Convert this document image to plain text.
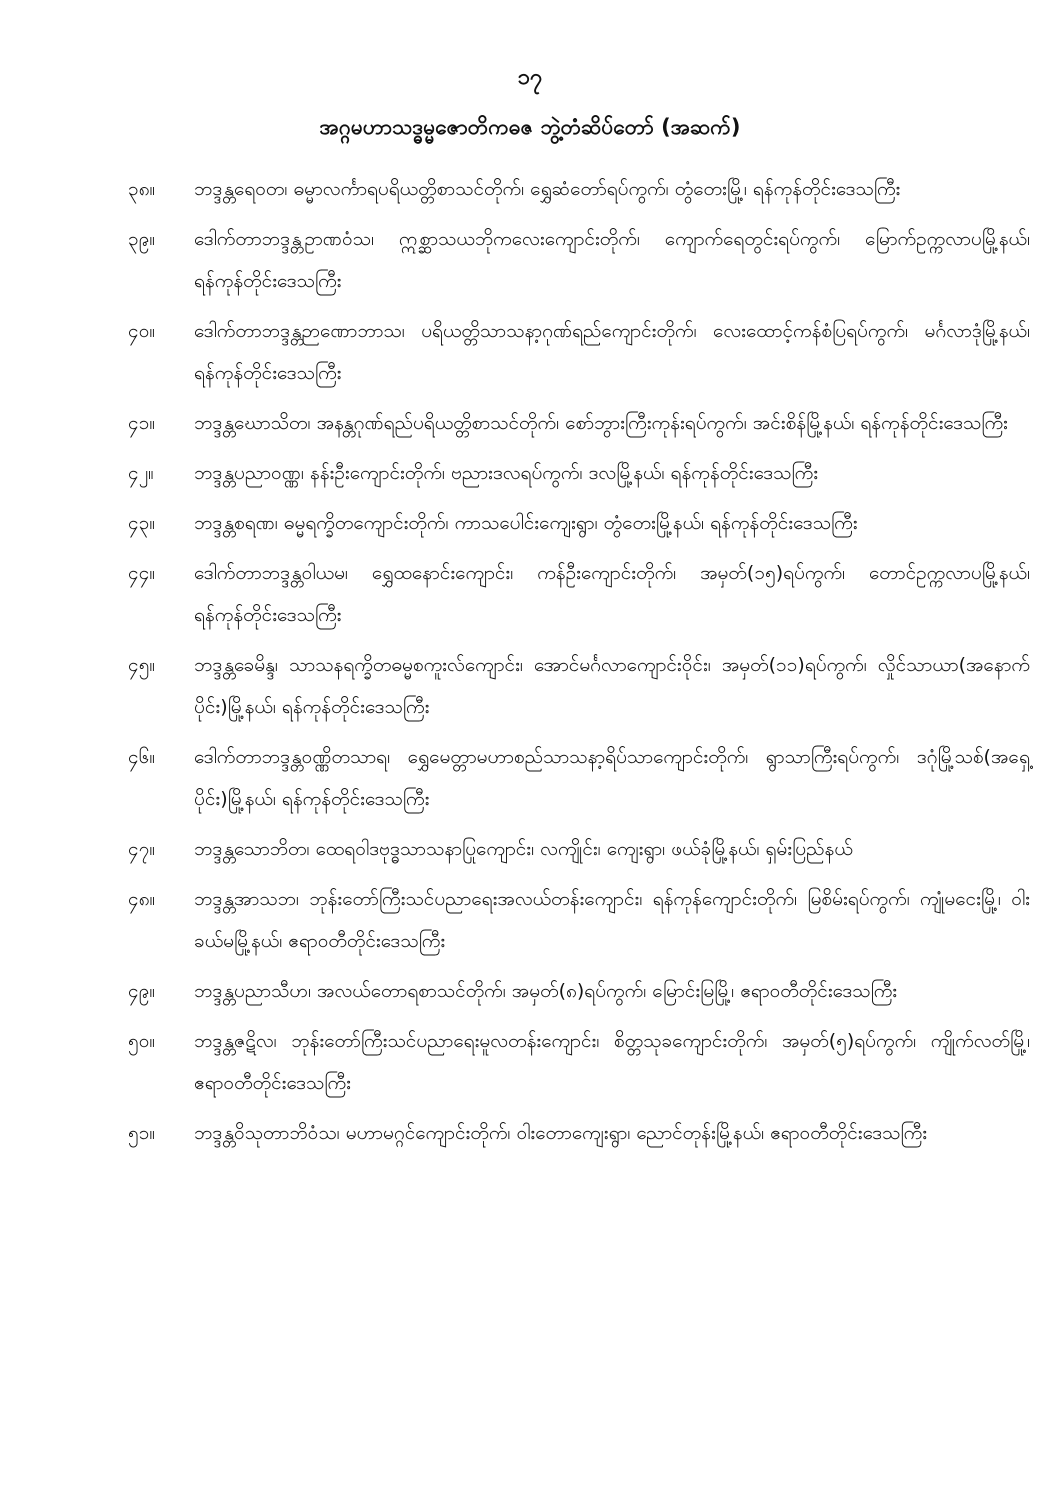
၁၇
အဂ္ဂမဟာသဒ္ဓမ္မဇောတိကဓဇ ဘွဲ့တံဆိပ်တော် (အဆက်)
၃၈။	ဘဒ္ဒန္တရေဝတ၊ ဓမ္မာလင်္ကာရပရိယတ္တိစာသင်တိုက်၊ ရွှေဆံတော်ရပ်ကွက်၊ တွံတေးမြို့၊ ရန်ကုန်တိုင်းဒေသကြီး
၃၉။	ဒေါက်တာဘဒ္ဒန္တဥာဏဝံသ၊ ဣစ္ဆာသယဘိုကလေးကျောင်းတိုက်၊ ကျောက်ရေတွင်းရပ်ကွက်၊ မြောက်ဥက္ကလာပမြို့နယ်၊ ရန်ကုန်တိုင်းဒေသကြီး
၄၀။	ဒေါက်တာဘဒ္ဒန္တဉာဏောဘာသ၊ ပရိယတ္တိသာသနာ့ဂုဏ်ရည်ကျောင်းတိုက်၊ လေးထောင့်ကန်စံပြရပ်ကွက်၊ မင်္ဂလာဒုံမြို့နယ်၊ ရန်ကုန်တိုင်းဒေသကြီး
၄၁။	ဘဒ္ဒန္တဃောသိတ၊ အနန္တဂုဏ်ရည်ပရိယတ္တိစာသင်တိုက်၊ စော်ဘွားကြီးကုန်းရပ်ကွက်၊ အင်းစိန်မြို့နယ်၊ ရန်ကုန်တိုင်းဒေသကြီး
၄၂။	ဘဒ္ဒန္တပညာဝဏ္ဏ၊ နန်းဦးကျောင်းတိုက်၊ ဗညားဒလရပ်ကွက်၊ ဒလမြို့နယ်၊ ရန်ကုန်တိုင်းဒေသကြီး
၄၃။	ဘဒ္ဒန္တစရဏ၊ ဓမ္မရက္ခိတကျောင်းတိုက်၊ ကာသပေါင်းကျေးရွာ၊ တွံတေးမြို့နယ်၊ ရန်ကုန်တိုင်းဒေသကြီး
၄၄။	ဒေါက်တာဘဒ္ဒန္တဝါယမ၊ ရွှေထနောင်းကျောင်း၊ ကန်ဦးကျောင်းတိုက်၊ အမှတ်(၁၅)ရပ်ကွက်၊ တောင်ဥက္ကလာပမြို့နယ်၊ ရန်ကုန်တိုင်းဒေသကြီး
၄၅။	ဘဒ္ဒန္တခေမိန္ဒ၊ သာသနရက္ခိတဓမ္မစကူးလ်ကျောင်း၊ အောင်မင်္ဂလာကျောင်းဝိုင်း၊ အမှတ်(၁၁)ရပ်ကွက်၊ လှိုင်သာယာ(အနောက်ပိုင်း)မြို့နယ်၊ ရန်ကုန်တိုင်းဒေသကြီး
၄၆။	ဒေါက်တာဘဒ္ဒန္တဝဏ္ဏိတသာရ၊ ရွှေမေတ္တာမဟာစည်သာသနာ့ရိပ်သာကျောင်းတိုက်၊ ရွာသာကြီးရပ်ကွက်၊ ဒဂုံမြို့သစ်(အရှေ့ပိုင်း)မြို့နယ်၊ ရန်ကုန်တိုင်းဒေသကြီး
၄၇။	ဘဒ္ဒန္တသောဘိတ၊ ထေရဝါဒဗုဒ္ဓသာသနာပြုကျောင်း၊ လကျိုင်း၊ ကျေးရွာ၊ ဖယ်ခုံမြို့နယ်၊ ရှမ်းပြည်နယ်
၄၈။	ဘဒ္ဒန္တအာသဘ၊ ဘုန်းတော်ကြီးသင်ပညာရေးအလယ်တန်းကျောင်း၊ ရန်ကုန်ကျောင်းတိုက်၊ မြစိမ်းရပ်ကွက်၊ ကျုံမငေးမြို့၊ ဝါးခယ်မမြို့နယ်၊ ဧရာဝတီတိုင်းဒေသကြီး
၄၉။	ဘဒ္ဒန္တပညာသီဟ၊ အလယ်တောရစာသင်တိုက်၊ အမှတ်(၈)ရပ်ကွက်၊ မြောင်းမြမြို့၊ ဧရာဝတီတိုင်းဒေသကြီး
၅၀။	ဘဒ္ဒန္တဇဋိလ၊ ဘုန်းတော်ကြီးသင်ပညာရေးမူလတန်းကျောင်း၊ စိတ္တသုခကျောင်းတိုက်၊ အမှတ်(၅)ရပ်ကွက်၊ ကျိုက်လတ်မြို့၊ ဧရာဝတီတိုင်းဒေသကြီး
၅၁။	ဘဒ္ဒန္တဝိသုတာဘိဝံသ၊ မဟာမဂ္ဂင်ကျောင်းတိုက်၊ ဝါးတောကျေးရွာ၊ ညောင်တုန်းမြို့နယ်၊ ဧရာဝတီတိုင်းဒေသကြီး
